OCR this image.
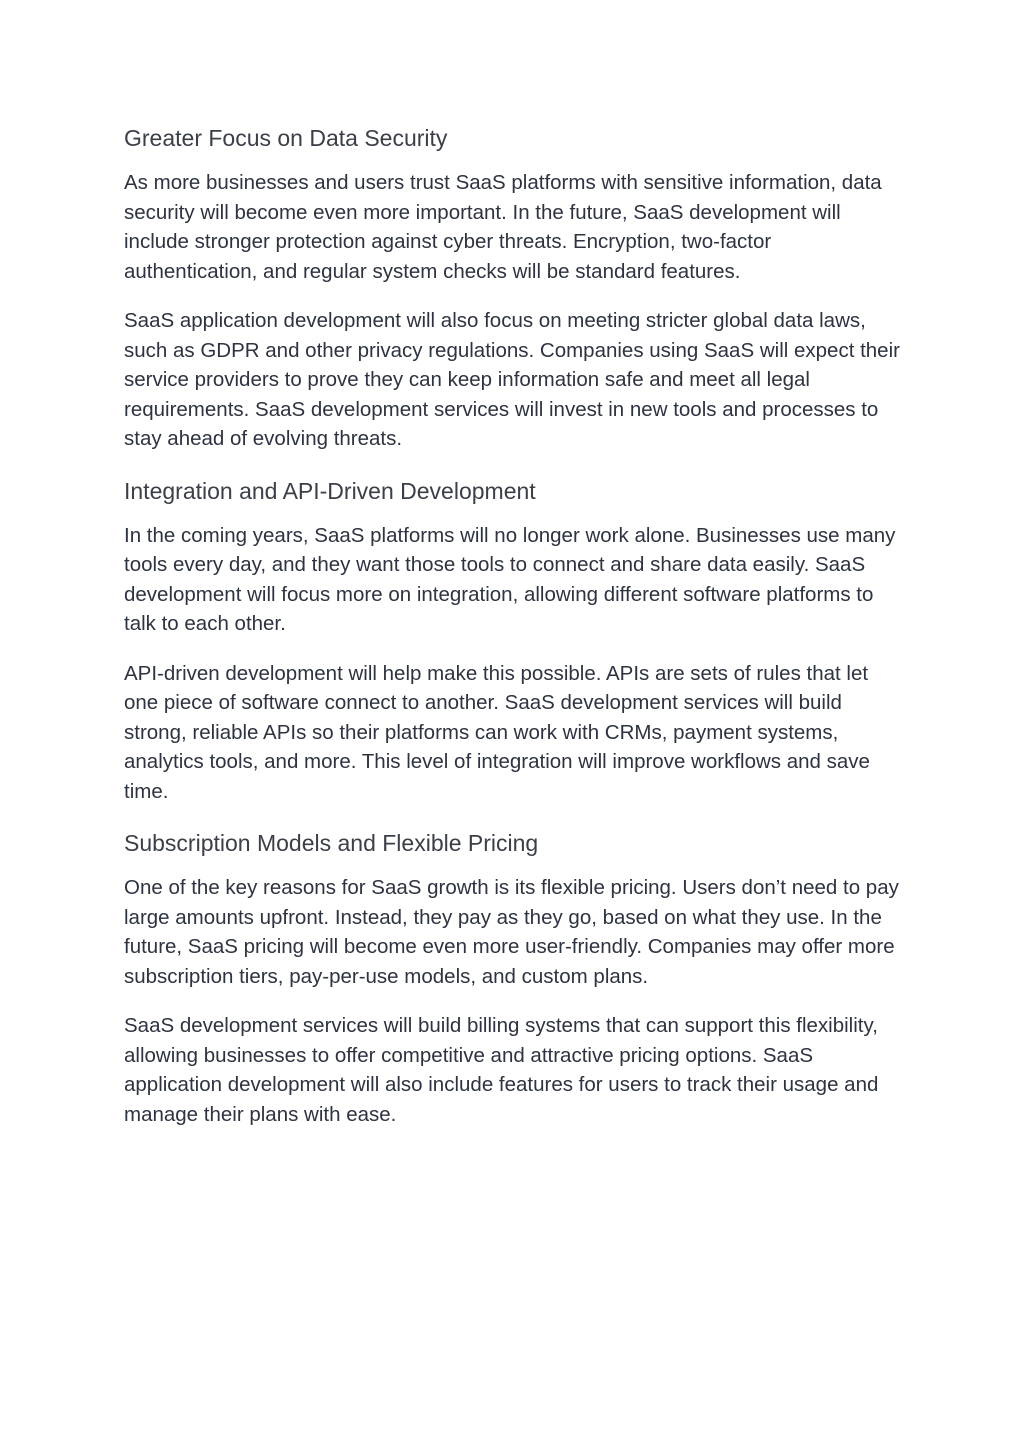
Greater Focus on Data Security

As more businesses and users trust SaaS platforms with sensitive information, data security will become even more important. In the future, SaaS development will include stronger protection against cyber threats. Encryption, two-factor authentication, and regular system checks will be standard features.

SaaS application development will also focus on meeting stricter global data laws, such as GDPR and other privacy regulations. Companies using SaaS will expect their service providers to prove they can keep information safe and meet all legal requirements. SaaS development services will invest in new tools and processes to stay ahead of evolving threats.

Integration and API-Driven Development

In the coming years, SaaS platforms will no longer work alone. Businesses use many tools every day, and they want those tools to connect and share data easily. SaaS development will focus more on integration, allowing different software platforms to talk to each other.

API-driven development will help make this possible. APIs are sets of rules that let one piece of software connect to another. SaaS development services will build strong, reliable APIs so their platforms can work with CRMs, payment systems, analytics tools, and more. This level of integration will improve workflows and save time.

Subscription Models and Flexible Pricing

One of the key reasons for SaaS growth is its flexible pricing. Users don’t need to pay large amounts upfront. Instead, they pay as they go, based on what they use. In the future, SaaS pricing will become even more user-friendly. Companies may offer more subscription tiers, pay-per-use models, and custom plans.

SaaS development services will build billing systems that can support this flexibility, allowing businesses to offer competitive and attractive pricing options. SaaS application development will also include features for users to track their usage and manage their plans with ease.
